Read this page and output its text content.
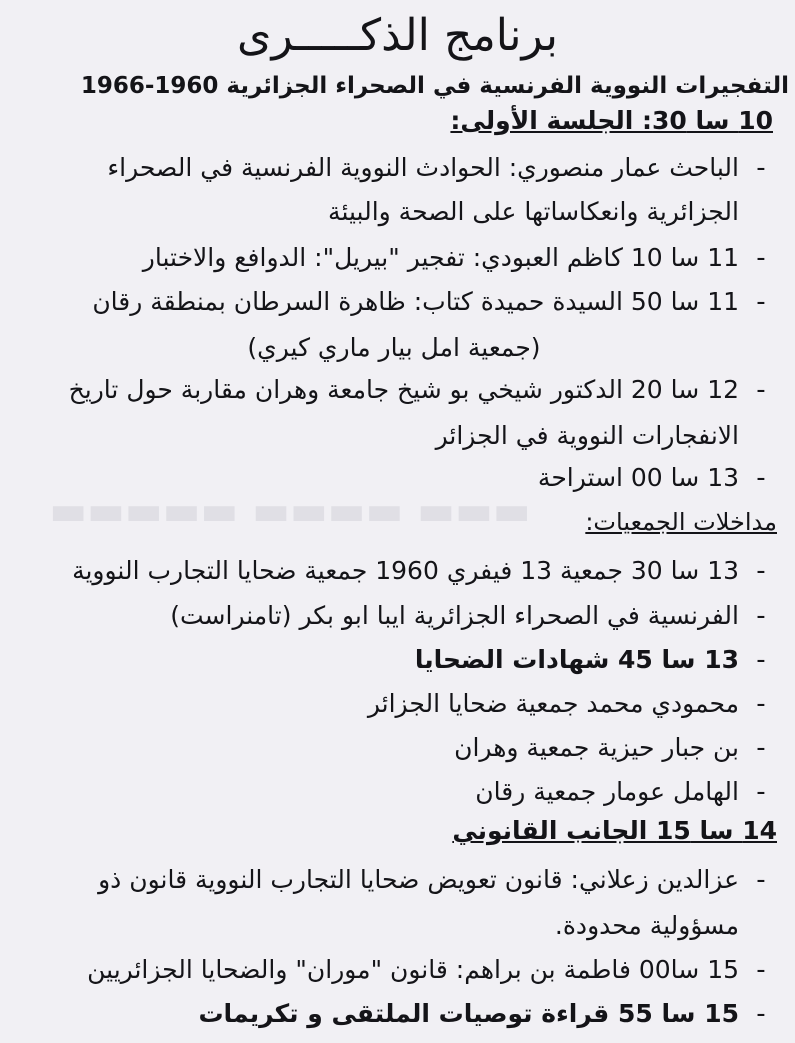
▬▬▬ ▬▬▬▬ ▬▬▬▬▬
برنامج الذكـــــرى
التفجيرات النووية الفرنسية في الصحراء الجزائرية 1960-1966
10 سا 30: الجلسة الأولى:
-
الباحث عمار منصوري: الحوادث النووية الفرنسية في الصحراء
الجزائرية وانعكاساتها على الصحة والبيئة
-
11 سا 10 كاظم العبودي: تفجير "بيريل": الدوافع والاختبار
-
11 سا 50 السيدة حميدة كتاب: ظاهرة السرطان بمنطقة رقان
(جمعية امل بيار ماري كيري)
-
12 سا 20 الدكتور شيخي بو شيخ جامعة وهران مقاربة حول تاريخ
الانفجارات النووية في الجزائر
-
13 سا 00 استراحة
مداخلات الجمعيات:
-
13 سا 30 جمعية 13 فيفري 1960 جمعية ضحايا التجارب النووية
-
الفرنسية في الصحراء الجزائرية ايبا ابو بكر (تامنراست)
-
13 سا 45 شهادات الضحايا
-
محمودي محمد جمعية ضحايا الجزائر
-
بن جبار حيزية جمعية وهران
-
الهامل عومار جمعية رقان
14 سا 15 الجانب القانوني
-
عزالدين زعلاني: قانون تعويض ضحايا التجارب النووية قانون ذو
مسؤولية محدودة.
-
15 سا00 فاطمة بن براهم: قانون "موران" والضحايا الجزائريين
-
15 سا 55 قراءة توصيات الملتقى و تكريمات
